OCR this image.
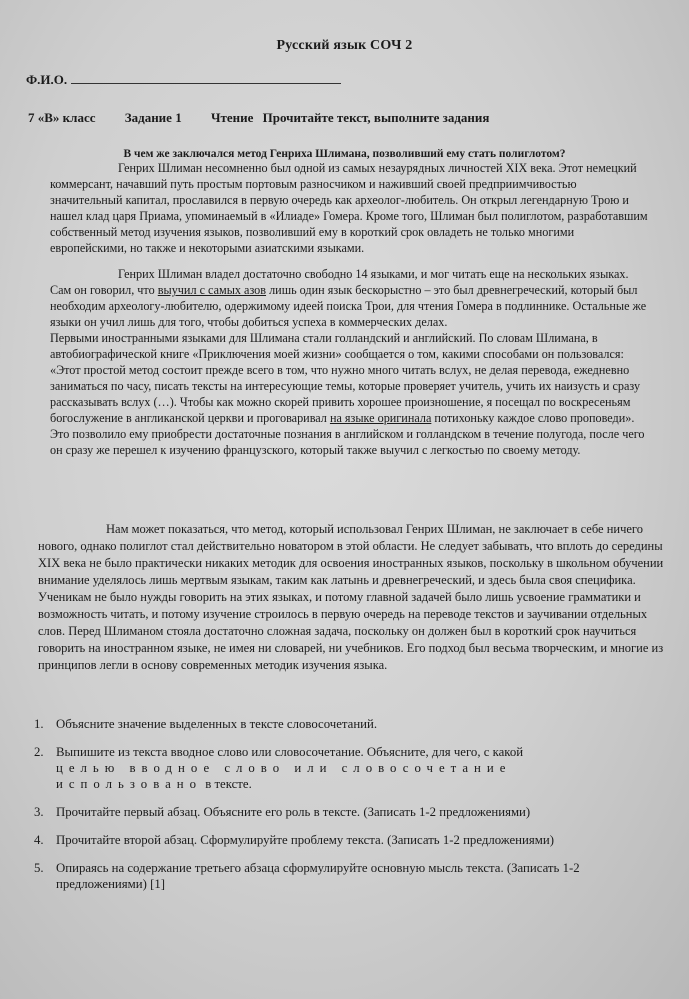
Русский язык СОЧ 2
Ф.И.О.
7 «В» класс Задание 1 Чтение Прочитайте текст, выполните задания
В чем же заключался метод Генриха Шлимана, позволивший ему стать полиглотом?

Генрих Шлиман несомненно был одной из самых незаурядных личностей XIX века. Этот немецкий коммерсант, начавший путь простым портовым разносчиком и наживший своей предприимчивостью значительный капитал, прославился в первую очередь как археолог-любитель. Он открыл легендарную Трою и нашел клад царя Приама, упоминаемый в «Илиаде» Гомера. Кроме того, Шлиман был полиглотом, разработавшим собственный метод изучения языков, позволивший ему в короткий срок овладеть не только многими европейскими, но также и некоторыми азиатскими языками.

Генрих Шлиман владел достаточно свободно 14 языками, и мог читать еще на нескольких языках. Сам он говорил, что выучил с самых азов лишь один язык бескорыстно – это был древнегреческий, который был необходим археологу-любителю, одержимому идеей поиска Трои, для чтения Гомера в подлиннике. Остальные же языки он учил лишь для того, чтобы добиться успеха в коммерческих делах.

Первыми иностранными языками для Шлимана стали голландский и английский. По словам Шлимана, в автобиографической книге «Приключения моей жизни» сообщается о том, какими способами он пользовался: «Этот простой метод состоит прежде всего в том, что нужно много читать вслух, не делая перевода, ежедневно заниматься по часу, писать тексты на интересующие темы, которые проверяет учитель, учить их наизусть и сразу рассказывать вслух (…). Чтобы как можно скорей привить хорошее произношение, я посещал по воскресеньям богослужение в англиканской церкви и проговаривал на языке оригинала потихоньку каждое слово проповеди». Это позволило ему приобрести достаточные познания в английском и голландском в течение полугода, после чего он сразу же перешел к изучению французского, который также выучил с легкостью по своему методу.

Нам может показаться, что метод, который использовал Генрих Шлиман, не заключает в себе ничего нового, однако полиглот стал действительно новатором в этой области. Не следует забывать, что вплоть до середины XIX века не было практически никаких методик для освоения иностранных языков, поскольку в школьном обучении внимание уделялось лишь мертвым языкам, таким как латынь и древнегреческий, и здесь была своя специфика. Ученикам не было нужды говорить на этих языках, и потому главной задачей было лишь усвоение грамматики и возможность читать, и потому изучение строилось в первую очередь на переводе текстов и заучивании отдельных слов. Перед Шлиманом стояла достаточно сложная задача, поскольку он должен был в короткий срок научиться говорить на иностранном языке, не имея ни словарей, ни учебников. Его подход был весьма творческим, и многие из принципов легли в основу современных методик изучения языка.

1. Объясните значение выделенных в тексте словосочетаний.
2. Выпишите из текста вводное слово или словосочетание. Объясните, для чего, с какой
целью вводное слово или словосочетание
использовано в тексте.
3. Прочитайте первый абзац. Объясните его роль в тексте. (Записать 1-2 предложениями)
4. Прочитайте второй абзац. Сформулируйте проблему текста. (Записать 1-2 предложениями)
5. Опираясь на содержание третьего абзаца сформулируйте основную мысль текста. (Записать 1-2 предложениями) [1]
